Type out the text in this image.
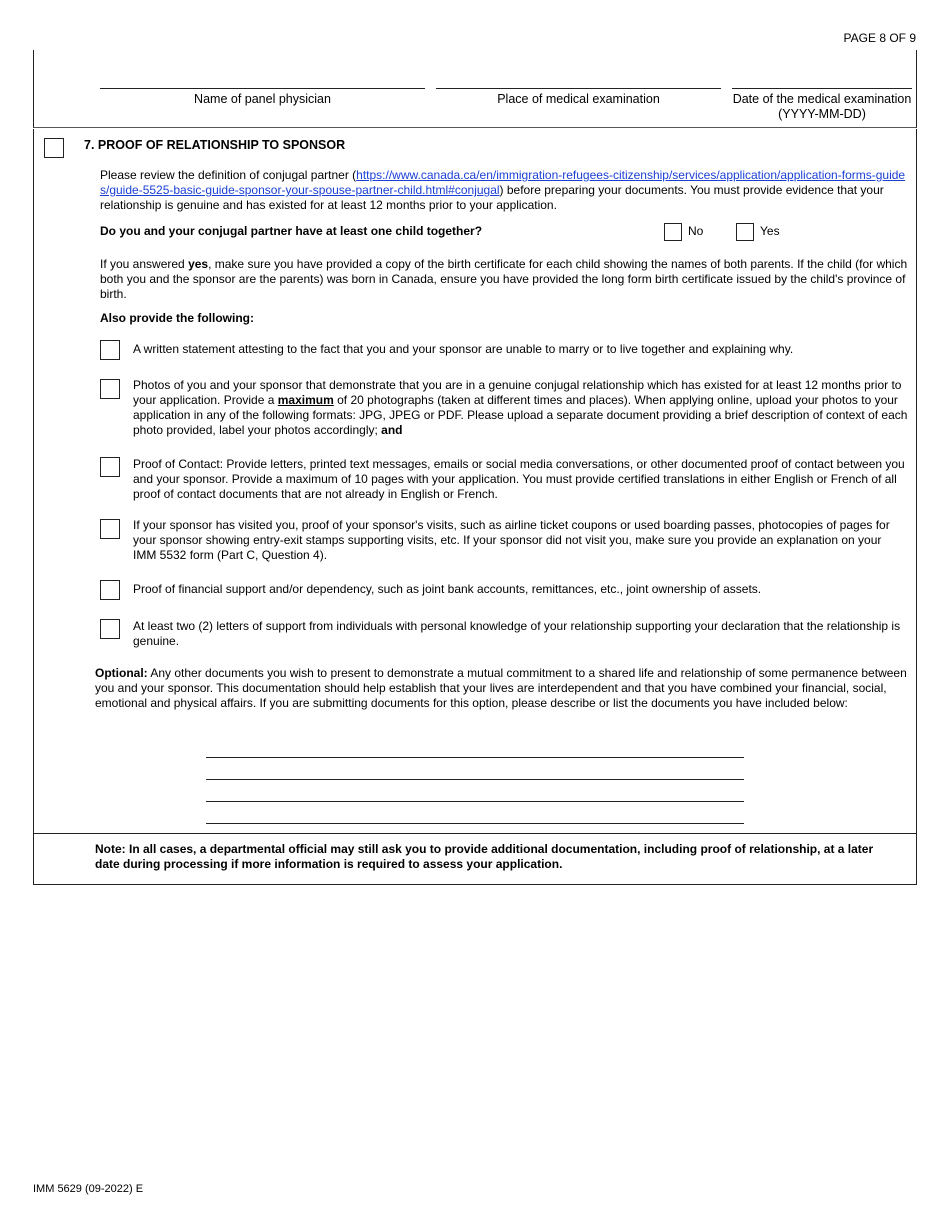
PAGE 8 OF 9
Name of panel physician	Place of medical examination	Date of the medical examination
(YYYY-MM-DD)
7. PROOF OF RELATIONSHIP TO SPONSOR
Please review the definition of conjugal partner (https://www.canada.ca/en/immigration-refugees-citizenship/services/application/application-forms-guides/guide-5525-basic-guide-sponsor-your-spouse-partner-child.html#conjugal) before preparing your documents. You must provide evidence that your relationship is genuine and has existed for at least 12 months prior to your application.
Do you and your conjugal partner have at least one child together?	No	Yes
If you answered yes, make sure you have provided a copy of the birth certificate for each child showing the names of both parents. If the child (for which both you and the sponsor are the parents) was born in Canada, ensure you have provided the long form birth certificate issued by the child's province of birth.
Also provide the following:
A written statement attesting to the fact that you and your sponsor are unable to marry or to live together and explaining why.
Photos of you and your sponsor that demonstrate that you are in a genuine conjugal relationship which has existed for at least 12 months prior to your application. Provide a maximum of 20 photographs (taken at different times and places). When applying online, upload your photos to your application in any of the following formats: JPG, JPEG or PDF. Please upload a separate document providing a brief description of context of each photo provided, label your photos accordingly; and
Proof of Contact: Provide letters, printed text messages, emails or social media conversations, or other documented proof of contact between you and your sponsor. Provide a maximum of 10 pages with your application. You must provide certified translations in either English or French of all proof of contact documents that are not already in English or French.
If your sponsor has visited you, proof of your sponsor's visits, such as airline ticket coupons or used boarding passes, photocopies of pages for your sponsor showing entry-exit stamps supporting visits, etc. If your sponsor did not visit you, make sure you provide an explanation on your IMM 5532 form (Part C, Question 4).
Proof of financial support and/or dependency, such as joint bank accounts, remittances, etc., joint ownership of assets.
At least two (2) letters of support from individuals with personal knowledge of your relationship supporting your declaration that the relationship is genuine.
Optional: Any other documents you wish to present to demonstrate a mutual commitment to a shared life and relationship of some permanence between you and your sponsor. This documentation should help establish that your lives are interdependent and that you have combined your financial, social, emotional and physical affairs. If you are submitting documents for this option, please describe or list the documents you have included below:
Note: In all cases, a departmental official may still ask you to provide additional documentation, including proof of relationship, at a later date during processing if more information is required to assess your application.
IMM 5629 (09-2022) E
